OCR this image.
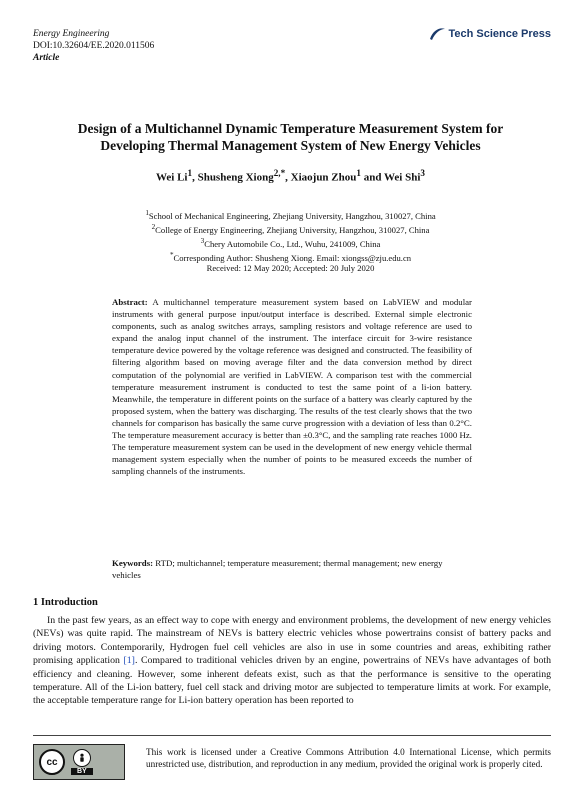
Energy Engineering
DOI:10.32604/EE.2020.011506
Article
Tech Science Press
Design of a Multichannel Dynamic Temperature Measurement System for
Developing Thermal Management System of New Energy Vehicles
Wei Li$^1$, Shusheng Xiong$^{2,*}$, Xiaojun Zhou$^1$ and Wei Shi$^3$
$^1$School of Mechanical Engineering, Zhejiang University, Hangzhou, 310027, China
$^2$College of Energy Engineering, Zhejiang University, Hangzhou, 310027, China
$^3$Chery Automobile Co., Ltd., Wuhu, 241009, China
*Corresponding Author: Shusheng Xiong. Email: xiongss@zju.edu.cn
Received: 12 May 2020; Accepted: 20 July 2020
Abstract: A multichannel temperature measurement system based on LabVIEW and modular instruments with general purpose input/output interface is described. External simple electronic components, such as analog switches arrays, sampling resistors and voltage reference are used to expand the analog input channel of the instrument. The interface circuit for 3-wire resistance temperature device powered by the voltage reference was designed and constructed. The feasibility of filtering algorithm based on moving average filter and the data conversion method by direct computation of the polynomial are verified in LabVIEW. A comparison test with the commercial temperature measurement instrument is conducted to test the same point of a li-ion battery. Meanwhile, the temperature in different points on the surface of a battery was clearly captured by the proposed system, when the battery was discharging. The results of the test clearly shows that the two channels for comparison has basically the same curve progression with a deviation of less than 0.2°C. The temperature measurement accuracy is better than ±0.3°C, and the sampling rate reaches 1000 Hz. The temperature measurement system can be used in the development of new energy vehicle thermal management system especially when the number of points to be measured exceeds the number of sampling channels of the instruments.
Keywords: RTD; multichannel; temperature measurement; thermal management; new energy vehicles
1 Introduction
In the past few years, as an effect way to cope with energy and environment problems, the development of new energy vehicles (NEVs) was quite rapid. The mainstream of NEVs is battery electric vehicles whose powertrains consist of battery packs and driving motors. Contemporarily, Hydrogen fuel cell vehicles are also in use in some countries and areas, exhibiting rather promising application [1]. Compared to traditional vehicles driven by an engine, powertrains of NEVs have advantages of both efficiency and cleaning. However, some inherent defeats exist, such as that the performance is sensitive to the operating temperature. All of the Li-ion battery, fuel cell stack and driving motor are subjected to temperature limits at work. For example, the acceptable temperature range for Li-ion battery operation has been reported to
cc
BY
This work is licensed under a Creative Commons Attribution 4.0 International License, which permits unrestricted use, distribution, and reproduction in any medium, provided the original work is properly cited.
